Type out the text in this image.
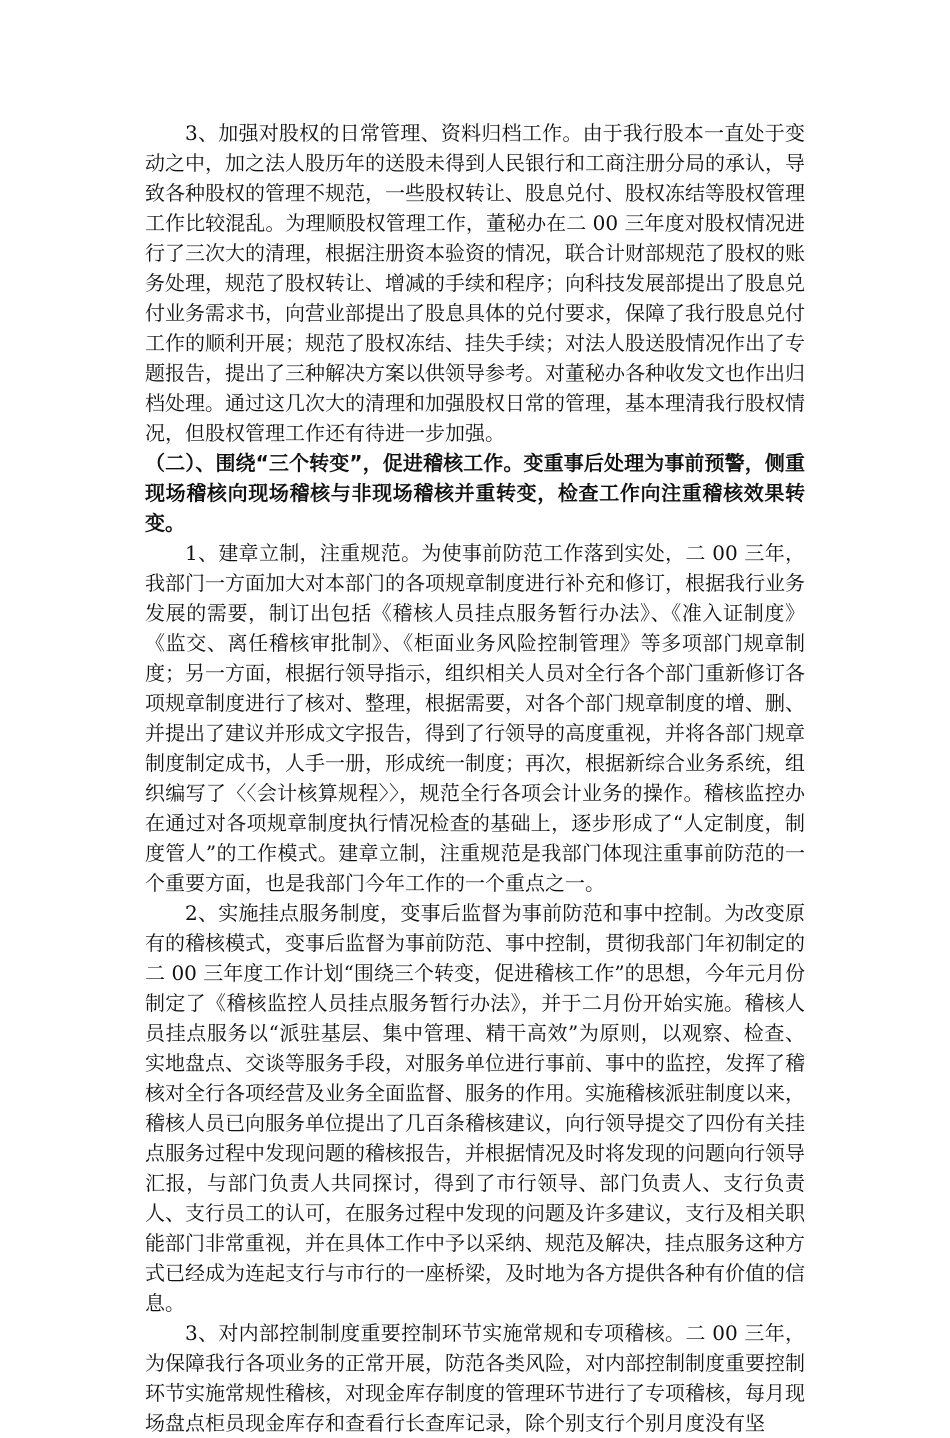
3、加强对股权的日常管理、资料归档工作。由于我行股本一直处于变动之中，加之法人股历年的送股未得到人民银行和工商注册分局的承认，导致各种股权的管理不规范，一些股权转让、股息兑付、股权冻结等股权管理工作比较混乱。为理顺股权管理工作，董秘办在二 00 三年度对股权情况进行了三次大的清理，根据注册资本验资的情况，联合计财部规范了股权的账务处理，规范了股权转让、增减的手续和程序；向科技发展部提出了股息兑付业务需求书，向营业部提出了股息具体的兑付要求，保障了我行股息兑付工作的顺利开展；规范了股权冻结、挂失手续；对法人股送股情况作出了专题报告，提出了三种解决方案以供领导参考。对董秘办各种收发文也作出归档处理。通过这几次大的清理和加强股权日常的管理，基本理清我行股权情况，但股权管理工作还有待进一步加强。

（二）、围绕“三个转变”，促进稽核工作。变重事后处理为事前预警，侧重现场稽核向现场稽核与非现场稽核并重转变，检查工作向注重稽核效果转变。

1、建章立制，注重规范。为使事前防范工作落到实处，二 00 三年，我部门一方面加大对本部门的各项规章制度进行补充和修订，根据我行业务发展的需要，制订出包括《稽核人员挂点服务暂行办法》、《准入证制度》《监交、离任稽核审批制》、《柜面业务风险控制管理》等多项部门规章制度；另一方面，根据行领导指示，组织相关人员对全行各个部门重新修订各项规章制度进行了核对、整理，根据需要，对各个部门规章制度的增、删、并提出了建议并形成文字报告，得到了行领导的高度重视，并将各部门规章制度制定成书，人手一册，形成统一制度；再次，根据新综合业务系统，组织编写了〈〈会计核算规程〉〉，规范全行各项会计业务的操作。稽核监控办在通过对各项规章制度执行情况检查的基础上，逐步形成了“人定制度，制度管人”的工作模式。建章立制，注重规范是我部门体现注重事前防范的一个重要方面，也是我部门今年工作的一个重点之一。

2、实施挂点服务制度，变事后监督为事前防范和事中控制。为改变原有的稽核模式，变事后监督为事前防范、事中控制，贯彻我部门年初制定的二 00 三年度工作计划“围绕三个转变，促进稽核工作”的思想，今年元月份制定了《稽核监控人员挂点服务暂行办法》，并于二月份开始实施。稽核人员挂点服务以“派驻基层、集中管理、精干高效”为原则，以观察、检查、实地盘点、交谈等服务手段，对服务单位进行事前、事中的监控，发挥了稽核对全行各项经营及业务全面监督、服务的作用。实施稽核派驻制度以来，稽核人员已向服务单位提出了几百条稽核建议，向行领导提交了四份有关挂点服务过程中发现问题的稽核报告，并根据情况及时将发现的问题向行领导汇报，与部门负责人共同探讨，得到了市行领导、部门负责人、支行负责人、支行员工的认可，在服务过程中发现的问题及许多建议，支行及相关职能部门非常重视，并在具体工作中予以采纳、规范及解决，挂点服务这种方式已经成为连起支行与市行的一座桥梁，及时地为各方提供各种有价值的信息。

3、对内部控制制度重要控制环节实施常规和专项稽核。二 00 三年，为保障我行各项业务的正常开展，防范各类风险，对内部控制制度重要控制环节实施常规性稽核，对现金库存制度的管理环节进行了专项稽核，每月现场盘点柜员现金库存和查看行长查库记录，除个别支行个别月度没有坚
